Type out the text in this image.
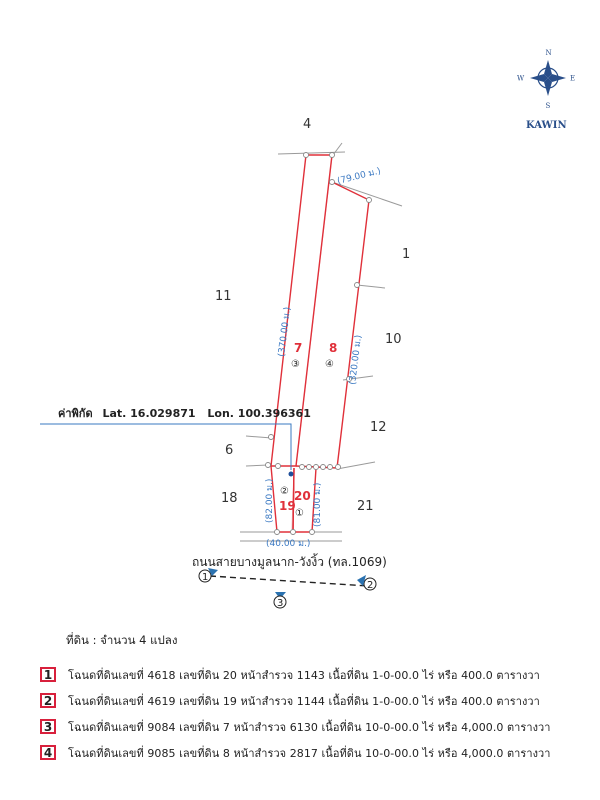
N
S
E
W
KAWIN
4
1
11
10
12
6
18
21
7 8
19
20
③	④
②
①
(79.00 ม.)
(370.00 ม.)
(320.00 ม.)
(82.00 ม.)	(81.00 ม.)
(40.00 ม.)
ค่าพิกัด Lat. 16.029871 Lon. 100.396361
ถนนสายบางมูลนาก-วังงิ้ว (ทล.1069)
1
2
3
ที่ดิน : จำนวน 4 แปลง
1	โฉนดที่ดินเลขที่ 4618 เลขที่ดิน 20 หน้าสำรวจ 1143 เนื้อที่ดิน 1-0-00.0 ไร่ หรือ 400.0 ตารางวา
2	โฉนดที่ดินเลขที่ 4619 เลขที่ดิน 19 หน้าสำรวจ 1144 เนื้อที่ดิน 1-0-00.0 ไร่ หรือ 400.0 ตารางวา
3	โฉนดที่ดินเลขที่ 9084 เลขที่ดิน 7 หน้าสำรวจ 6130 เนื้อที่ดิน 10-0-00.0 ไร่ หรือ 4,000.0 ตารางวา
4	โฉนดที่ดินเลขที่ 9085 เลขที่ดิน 8 หน้าสำรวจ 2817 เนื้อที่ดิน 10-0-00.0 ไร่ หรือ 4,000.0 ตารางวา
